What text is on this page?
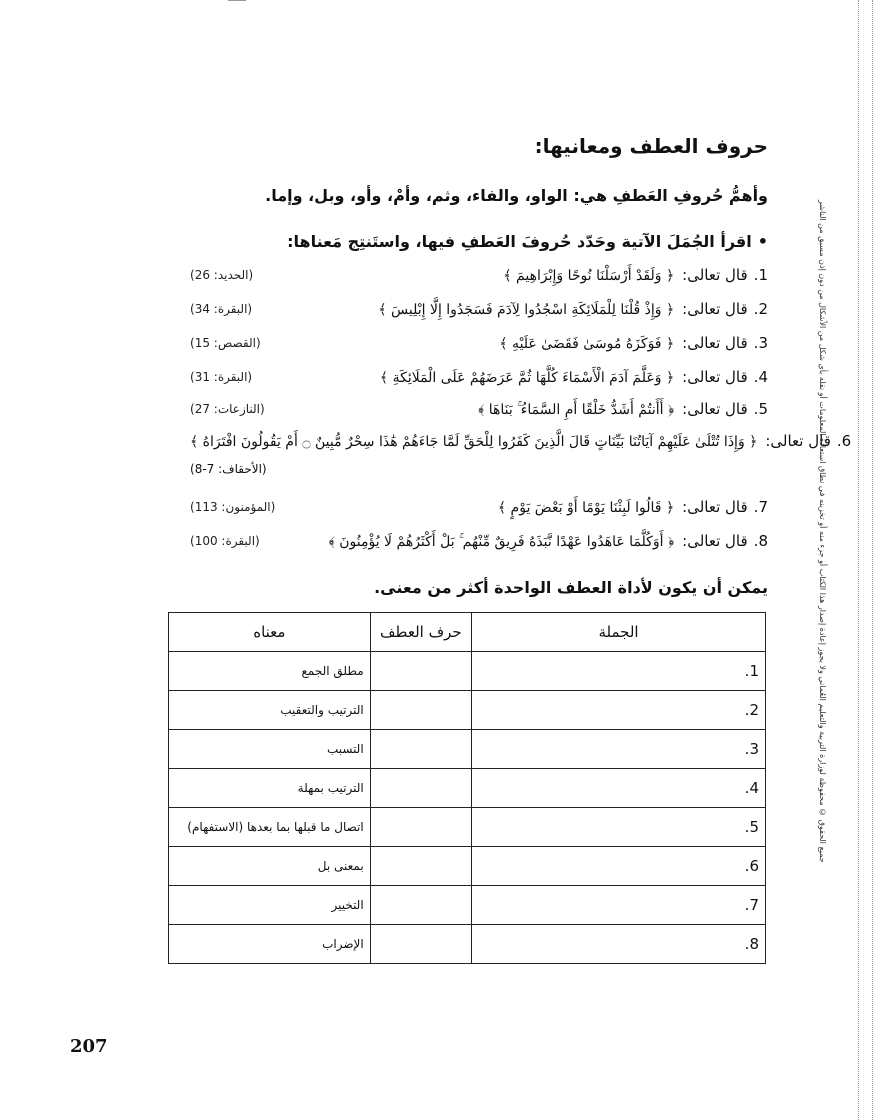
حروف العطف ومعانيها:
وأهمُّ حُروفِ العَطفِ هي: الواو، والفاء، وثم، وأمْ، وأو، وبل، وإما.
•اقرأ الجُمَلَ الآتية وحَدّد حُروفَ العَطفِ فيها، واستَنتِج مَعناها:
(الحديد: 26)	1.قال تعالى:﴿ وَلَقَدْ أَرْسَلْنَا نُوحًا وَإِبْرَاهِيمَ ﴾
(البقرة: 34)	2.قال تعالى:﴿ وَإِذْ قُلْنَا لِلْمَلَائِكَةِ اسْجُدُوا لِآدَمَ فَسَجَدُوا إِلَّا إِبْلِيسَ ﴾
(القصص: 15)	3.قال تعالى:﴿ فَوَكَزَهُ مُوسَىٰ فَقَضَىٰ عَلَيْهِ ﴾
(البقرة: 31)	4.قال تعالى:﴿ وَعَلَّمَ آدَمَ الْأَسْمَاءَ كُلَّهَا ثُمَّ عَرَضَهُمْ عَلَى الْمَلَائِكَةِ ﴾
(النازعات: 27)	5.قال تعالى:﴿ أَأَنتُمْ أَشَدُّ خَلْقًا أَمِ السَّمَاءُ ۚ بَنَاهَا ﴾
6.قال تعالى:﴿ وَإِذَا تُتْلَىٰ عَلَيْهِمْ آيَاتُنَا بَيِّنَاتٍ قَالَ الَّذِينَ كَفَرُوا لِلْحَقِّ لَمَّا جَاءَهُمْ هَٰذَا سِحْرٌ مُّبِينٌ ۝ أَمْ يَقُولُونَ افْتَرَاهُ ﴾
(الأحقاف: 7-8)
(المؤمنون: 113)	7.قال تعالى:﴿ قَالُوا لَبِثْنَا يَوْمًا أَوْ بَعْضَ يَوْمٍ ﴾
(البقرة: 100)	8.قال تعالى:﴿ أَوَكُلَّمَا عَاهَدُوا عَهْدًا نَّبَذَهُ فَرِيقٌ مِّنْهُم ۚ بَلْ أَكْثَرُهُمْ لَا يُؤْمِنُونَ ﴾
يمكن أن يكون لأداة العطف الواحدة أكثر من معنى.
الجملة	حرف العطف	معناه
1.		مطلق الجمع
2.		الترتيب والتعقيب
3.		التسبب
4.		الترتيب بمهلة
5.		اتصال ما قبلها بما بعدها (الاستفهام)
6.		بمعنى بل
7.		التخيير
8.		الإضراب
207
جميع الحقوق © محفوظة لوزارة التربية والتعليم العُماني ولا يجوز إعادة إصدار هذا الكتاب أو جزء منه أو تخزينه في نطاق استعادة المعلومات أو نقله بأي شكل من الأشكال من دون إذن مسبق من الناشر
